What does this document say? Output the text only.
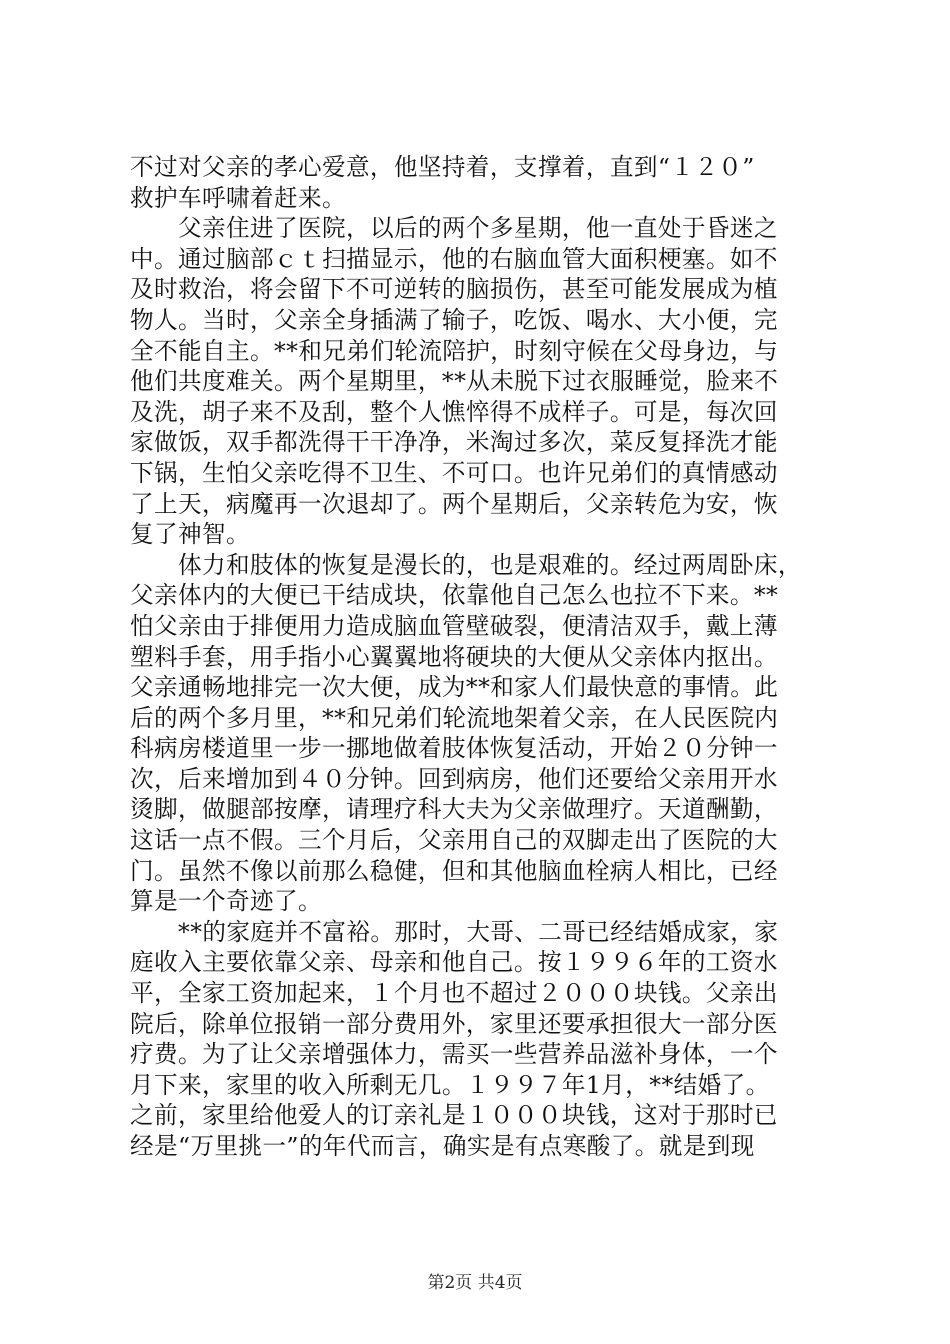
不过对父亲的孝心爱意，他坚持着，支撑着，直到“１２０”
救护车呼啸着赶来。
父亲住进了医院，以后的两个多星期，他一直处于昏迷之
中。通过脑部ｃｔ扫描显示，他的右脑血管大面积梗塞。如不
及时救治，将会留下不可逆转的脑损伤，甚至可能发展成为植
物人。当时，父亲全身插满了输子，吃饭、喝水、大小便，完
全不能自主。**和兄弟们轮流陪护，时刻守候在父母身边，与
他们共度难关。两个星期里，**从未脱下过衣服睡觉，脸来不
及洗，胡子来不及刮，整个人憔悴得不成样子。可是，每次回
家做饭，双手都洗得干干净净，米淘过多次，菜反复择洗才能
下锅，生怕父亲吃得不卫生、不可口。也许兄弟们的真情感动
了上天，病魔再一次退却了。两个星期后，父亲转危为安，恢
复了神智。
体力和肢体的恢复是漫长的，也是艰难的。经过两周卧床，
父亲体内的大便已干结成块，依靠他自己怎么也拉不下来。**
怕父亲由于排便用力造成脑血管壁破裂，便清洁双手，戴上薄
塑料手套，用手指小心翼翼地将硬块的大便从父亲体内抠出。
父亲通畅地排完一次大便，成为**和家人们最快意的事情。此
后的两个多月里，**和兄弟们轮流地架着父亲，在人民医院内
科病房楼道里一步一挪地做着肢体恢复活动，开始２０分钟一
次，后来增加到４０分钟。回到病房，他们还要给父亲用开水
烫脚，做腿部按摩，请理疗科大夫为父亲做理疗。天道酬勤，
这话一点不假。三个月后，父亲用自己的双脚走出了医院的大
门。虽然不像以前那么稳健，但和其他脑血栓病人相比，已经
算是一个奇迹了。
**的家庭并不富裕。那时，大哥、二哥已经结婚成家，家
庭收入主要依靠父亲、母亲和他自己。按１９９６年的工资水
平，全家工资加起来，１个月也不超过２０００块钱。父亲出
院后，除单位报销一部分费用外，家里还要承担很大一部分医
疗费。为了让父亲增强体力，需买一些营养品滋补身体，一个
月下来，家里的收入所剩无几。１９９７年1月，**结婚了。
之前，家里给他爱人的订亲礼是１０００块钱，这对于那时已
经是“万里挑一”的年代而言，确实是有点寒酸了。就是到现
第2页 共4页
